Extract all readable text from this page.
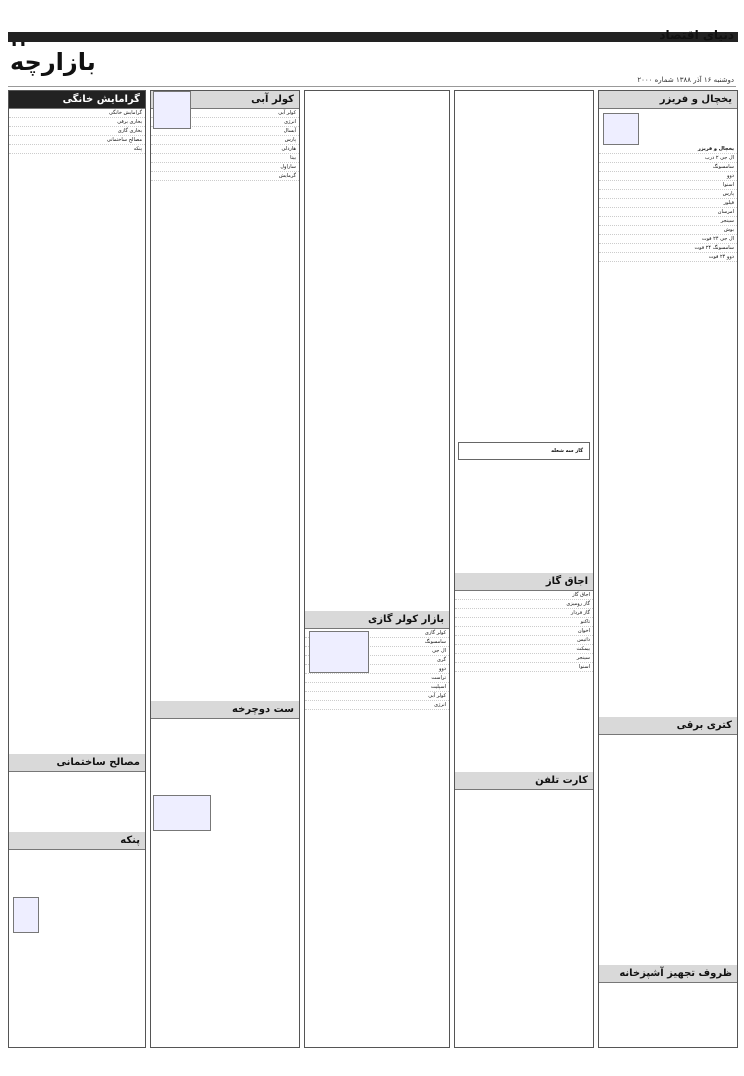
دنیای اقتصاد
بازارچه
دوشنبه ۱۶ آذر ۱۳۸۸ شماره ۲۰۰۰
یخچال و فریزر
یخچال و فریزر
ال جی ۲ درب
سامسونگ
دوو
اسنوا
پارس
فیلور
امرسان
سینجر
بوش
ال جی ۲۴ فوت
سامسونگ ۲۴ فوت
دوو ۲۴ فوت
کتری برقی
ظروف تجهیز آشپزخانه
گاز سه شعله
اجاق گاز
اجاق گاز
گاز رومیزی
گاز فردار
تاکنو
اخوان
داتیس
بیمکث
سینجر
اسنوا
کارت تلفن
بازار کولر گازی
کولر گازی
سامسونگ
ال جی
گری
دوو
تراست
اسپلیت
کولر آبی
انرژی
کولر آبی
کولر آبی
انرژی
آبسال
پارس
هاردلی
بیتا
ساراول
گرمایش
ست دوچرخه
گرامایش خانگی
گرامایش خانگی
بخاری برقی
بخاری گازی
مصالح ساختمانی
پنکه
مصالح ساختمانی
پنکه
